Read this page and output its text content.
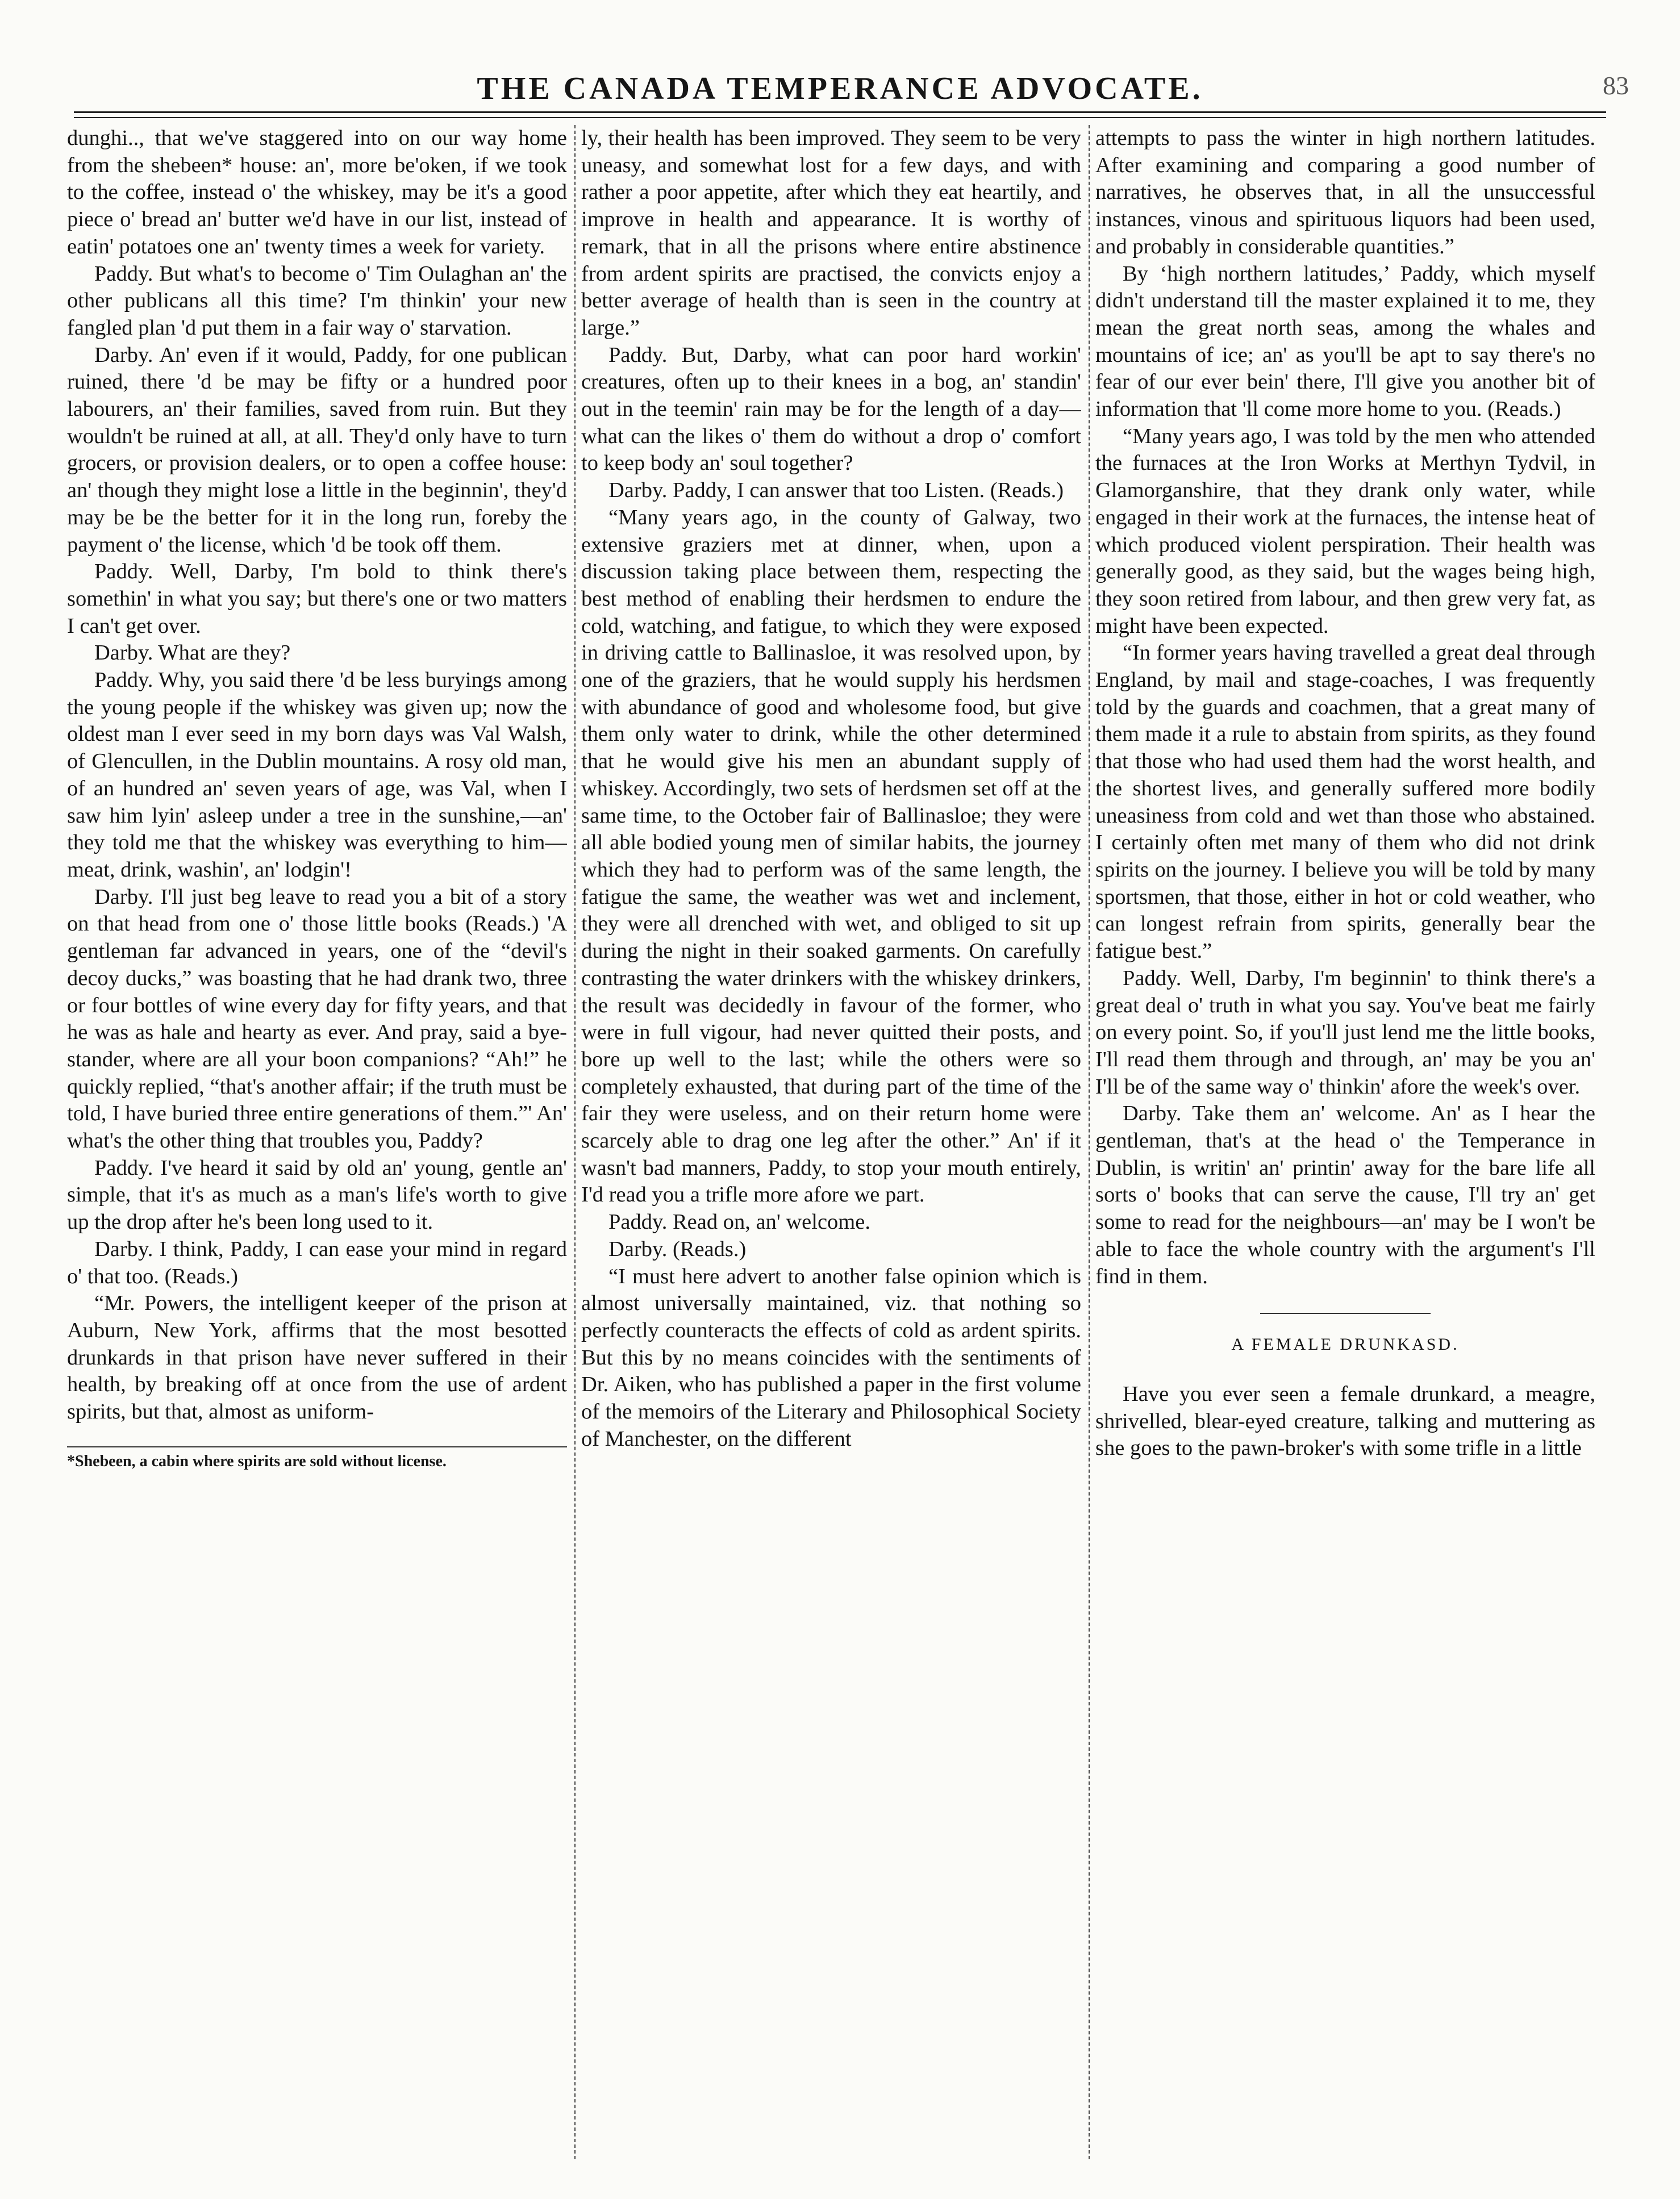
THE CANADA TEMPERANCE ADVOCATE.	83

dunghi.., that we've staggered into on our way home from the shebeen* house: an', more be'oken, if we took to the coffee, instead o' the whiskey, may be it's a good piece o' bread an' butter we'd have in our list, instead of eatin' potatoes one an' twenty times a week for variety.

Paddy. But what's to become o' Tim Oulaghan an' the other publicans all this time? I'm thinkin' your new fangled plan 'd put them in a fair way o' starvation.

Darby. An' even if it would, Paddy, for one publican ruined, there 'd be may be fifty or a hundred poor labourers, an' their families, saved from ruin. But they wouldn't be ruined at all, at all. They'd only have to turn grocers, or provision dealers, or to open a coffee house: an' though they might lose a little in the beginnin', they'd may be be the better for it in the long run, foreby the payment o' the license, which 'd be took off them.

Paddy. Well, Darby, I'm bold to think there's somethin' in what you say; but there's one or two matters I can't get over.

Darby. What are they?

Paddy. Why, you said there 'd be less buryings among the young people if the whiskey was given up; now the oldest man I ever seed in my born days was Val Walsh, of Glencullen, in the Dublin mountains. A rosy old man, of an hundred an' seven years of age, was Val, when I saw him lyin' asleep under a tree in the sunshine,—an' they told me that the whiskey was everything to him—meat, drink, washin', an' lodgin'!

Darby. I'll just beg leave to read you a bit of a story on that head from one o' those little books (Reads.) 'A gentleman far advanced in years, one of the “devil's decoy ducks,” was boasting that he had drank two, three or four bottles of wine every day for fifty years, and that he was as hale and hearty as ever. And pray, said a bye-stander, where are all your boon companions? “Ah!” he quickly replied, “that's another affair; if the truth must be told, I have buried three entire generations of them.”' An' what's the other thing that troubles you, Paddy?

Paddy. I've heard it said by old an' young, gentle an' simple, that it's as much as a man's life's worth to give up the drop after he's been long used to it.

Darby. I think, Paddy, I can ease your mind in regard o' that too. (Reads.)

“Mr. Powers, the intelligent keeper of the prison at Auburn, New York, affirms that the most besotted drunkards in that prison have never suffered in their health, by breaking off at once from the use of ardent spirits, but that, almost as uniform-

*Shebeen, a cabin where spirits are sold without license.

ly, their health has been improved. They seem to be very uneasy, and somewhat lost for a few days, and with rather a poor appetite, after which they eat heartily, and improve in health and appearance. It is worthy of remark, that in all the prisons where entire abstinence from ardent spirits are practised, the convicts enjoy a better average of health than is seen in the country at large.”

Paddy. But, Darby, what can poor hard workin' creatures, often up to their knees in a bog, an' standin' out in the teemin' rain may be for the length of a day—what can the likes o' them do without a drop o' comfort to keep body an' soul together?

Darby. Paddy, I can answer that too Listen. (Reads.)

“Many years ago, in the county of Galway, two extensive graziers met at dinner, when, upon a discussion taking place between them, respecting the best method of enabling their herdsmen to endure the cold, watching, and fatigue, to which they were exposed in driving cattle to Ballinasloe, it was resolved upon, by one of the graziers, that he would supply his herdsmen with abundance of good and wholesome food, but give them only water to drink, while the other determined that he would give his men an abundant supply of whiskey. Accordingly, two sets of herdsmen set off at the same time, to the October fair of Ballinasloe; they were all able bodied young men of similar habits, the journey which they had to perform was of the same length, the fatigue the same, the weather was wet and inclement, they were all drenched with wet, and obliged to sit up during the night in their soaked garments. On carefully contrasting the water drinkers with the whiskey drinkers, the result was decidedly in favour of the former, who were in full vigour, had never quitted their posts, and bore up well to the last; while the others were so completely exhausted, that during part of the time of the fair they were useless, and on their return home were scarcely able to drag one leg after the other.” An' if it wasn't bad manners, Paddy, to stop your mouth entirely, I'd read you a trifle more afore we part.

Paddy. Read on, an' welcome.

Darby. (Reads.)

“I must here advert to another false opinion which is almost universally maintained, viz. that nothing so perfectly counteracts the effects of cold as ardent spirits. But this by no means coincides with the sentiments of Dr. Aiken, who has published a paper in the first volume of the memoirs of the Literary and Philosophical Society of Manchester, on the different

attempts to pass the winter in high northern latitudes. After examining and comparing a good number of narratives, he observes that, in all the unsuccessful instances, vinous and spirituous liquors had been used, and probably in considerable quantities.”

By ‘high northern latitudes,’ Paddy, which myself didn't understand till the master explained it to me, they mean the great north seas, among the whales and mountains of ice; an' as you'll be apt to say there's no fear of our ever bein' there, I'll give you another bit of information that 'll come more home to you. (Reads.)

“Many years ago, I was told by the men who attended the furnaces at the Iron Works at Merthyn Tydvil, in Glamorganshire, that they drank only water, while engaged in their work at the furnaces, the intense heat of which produced violent perspiration. Their health was generally good, as they said, but the wages being high, they soon retired from labour, and then grew very fat, as might have been expected.

“In former years having travelled a great deal through England, by mail and stage-coaches, I was frequently told by the guards and coachmen, that a great many of them made it a rule to abstain from spirits, as they found that those who had used them had the worst health, and the shortest lives, and generally suffered more bodily uneasiness from cold and wet than those who abstained. I certainly often met many of them who did not drink spirits on the journey. I believe you will be told by many sportsmen, that those, either in hot or cold weather, who can longest refrain from spirits, generally bear the fatigue best.”

Paddy. Well, Darby, I'm beginnin' to think there's a great deal o' truth in what you say. You've beat me fairly on every point. So, if you'll just lend me the little books, I'll read them through and through, an' may be you an' I'll be of the same way o' thinkin' afore the week's over.

Darby. Take them an' welcome. An' as I hear the gentleman, that's at the head o' the Temperance in Dublin, is writin' an' printin' away for the bare life all sorts o' books that can serve the cause, I'll try an' get some to read for the neighbours—an' may be I won't be able to face the whole country with the argument's I'll find in them.

A FEMALE DRUNKASD.

Have you ever seen a female drunkard, a meagre, shrivelled, blear-eyed creature, talking and muttering as she goes to the pawn-broker's with some trifle in a little
